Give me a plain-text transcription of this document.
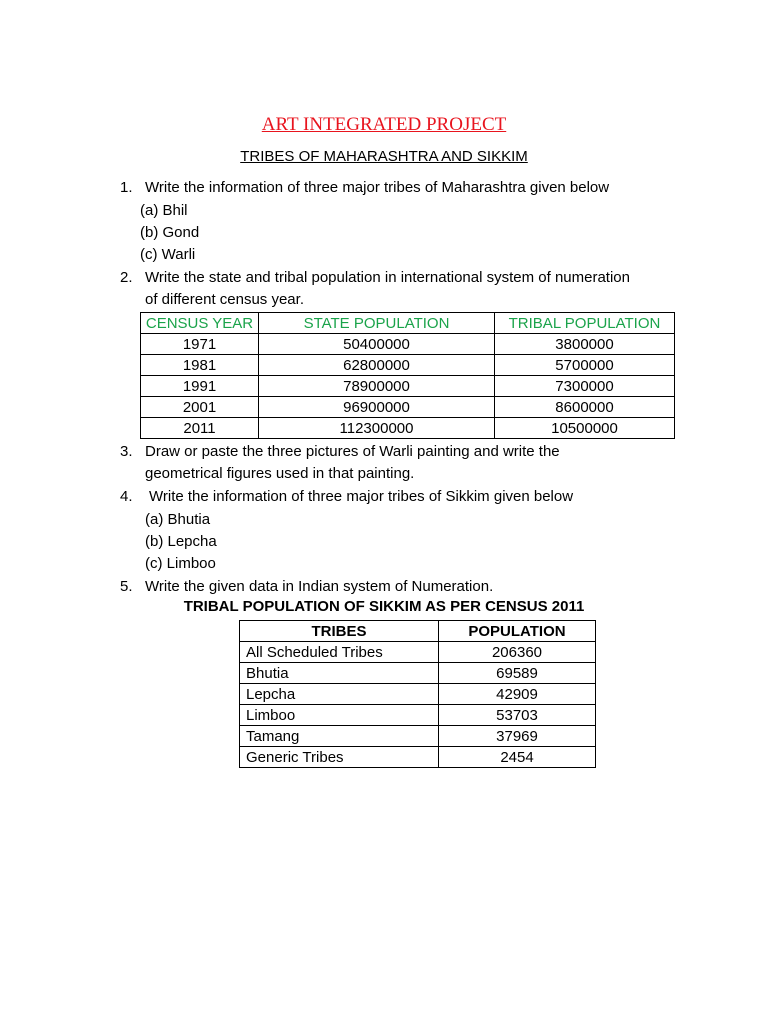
ART INTEGRATED PROJECT
TRIBES OF MAHARASHTRA AND SIKKIM
1. Write the information of three major tribes of Maharashtra given below
(a) Bhil
(b) Gond
(c) Warli
2. Write the state and tribal population in international system of numeration
of different census year.
CENSUS YEAR	STATE POPULATION	TRIBAL POPULATION
1971	50400000	3800000
1981	62800000	5700000
1991	78900000	7300000
2001	96900000	8600000
2011	112300000	10500000
3. Draw or paste the three pictures of Warli painting and write the
geometrical figures used in that painting.
4. Write the information of three major tribes of Sikkim given below
(a) Bhutia
(b) Lepcha
(c) Limboo
5. Write the given data in Indian system of Numeration.

TRIBAL POPULATION OF SIKKIM AS PER CENSUS 2011

TRIBES	POPULATION
All Scheduled Tribes	206360
Bhutia	69589
Lepcha	42909
Limboo	53703
Tamang	37969
Generic Tribes	2454
